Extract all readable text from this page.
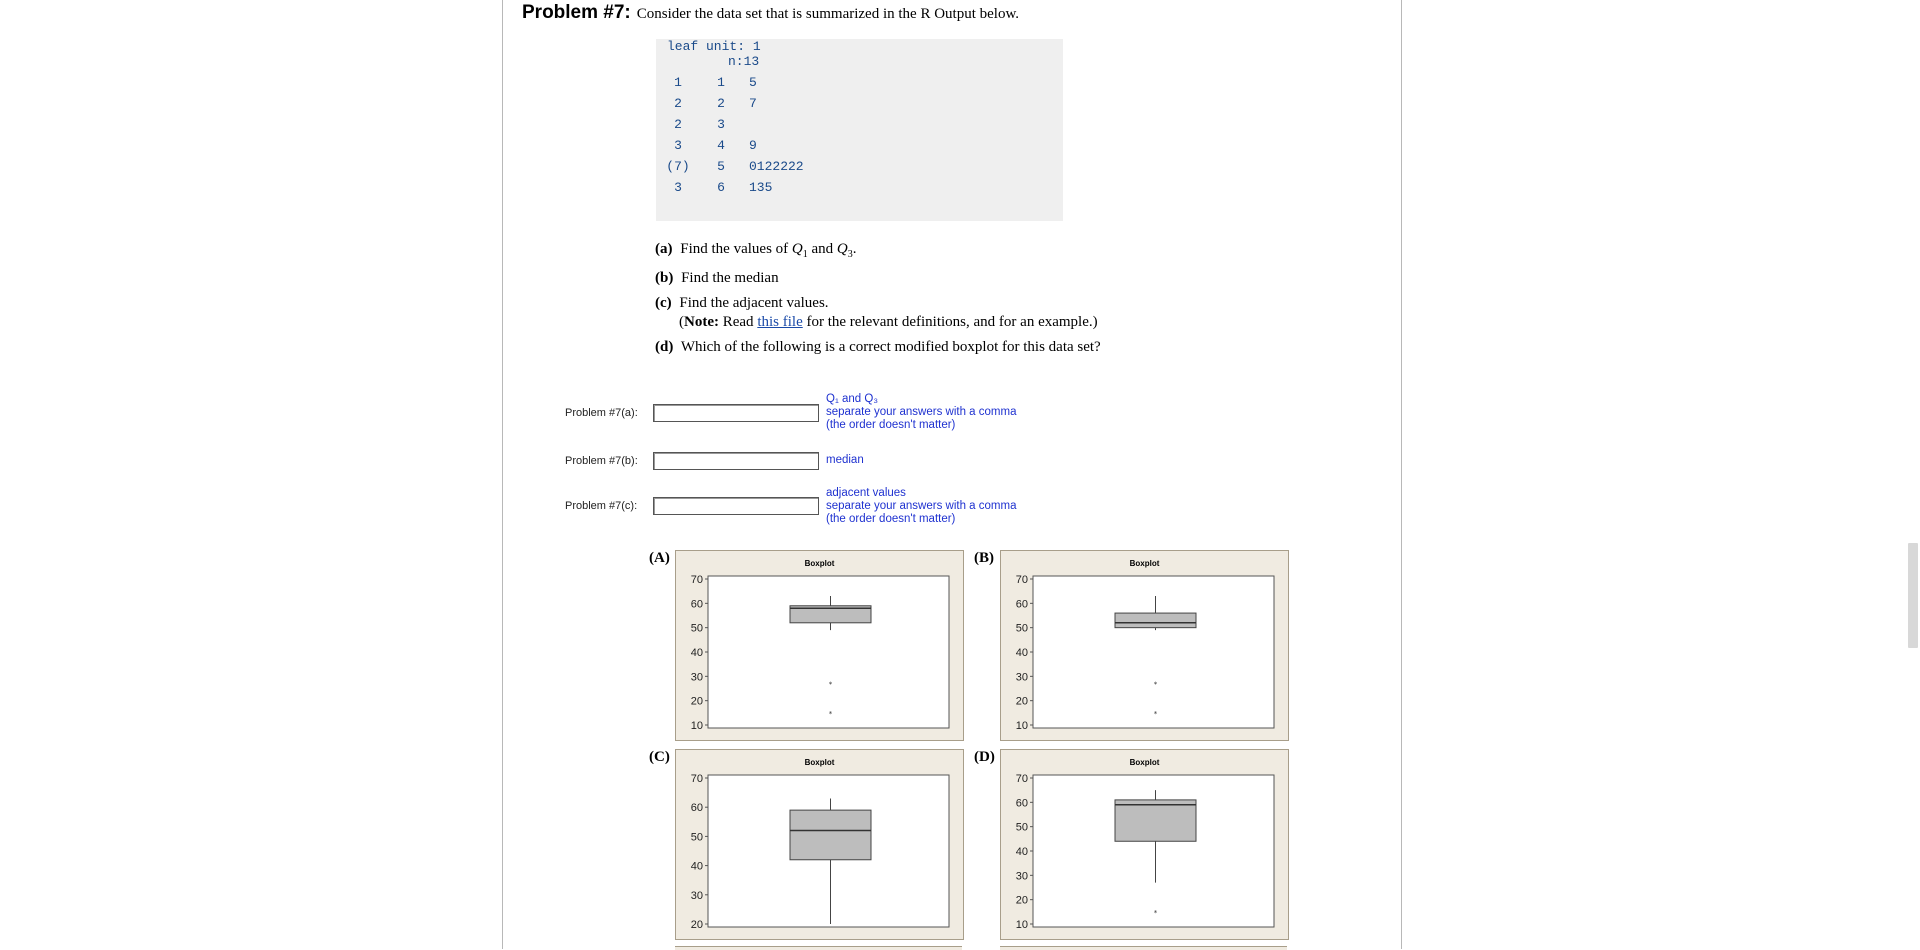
Problem #7: Consider the data set that is summarized in the R Output below.
leaf unit: 1
n:13
1	1	5
2	2	7
2	3
3	4	9
(7)	5	0122222
3	6	135
(a) Find the values of $Q_1$ and $Q_3$.
(b) Find the median
(c) Find the adjacent values.
(Note: Read this file for the relevant definitions, and for an example.)
(d) Which of the following is a correct modified boxplot for this data set?
Problem #7(a):
Q₁ and Q₃
separate your answers with a comma
(the order doesn't matter)
Problem #7(b):	median
Problem #7(c):
adjacent values
separate your answers with a comma
(the order doesn't matter)
(A)	Boxplot
10
20
30
40
50
60
70
*
*
(B)	Boxplot
10
20
30
40
50
60
70
*
*
(C)	Boxplot
20
30
40
50
60
70
(D)	Boxplot
10
20
30
40
50
60
70
*
